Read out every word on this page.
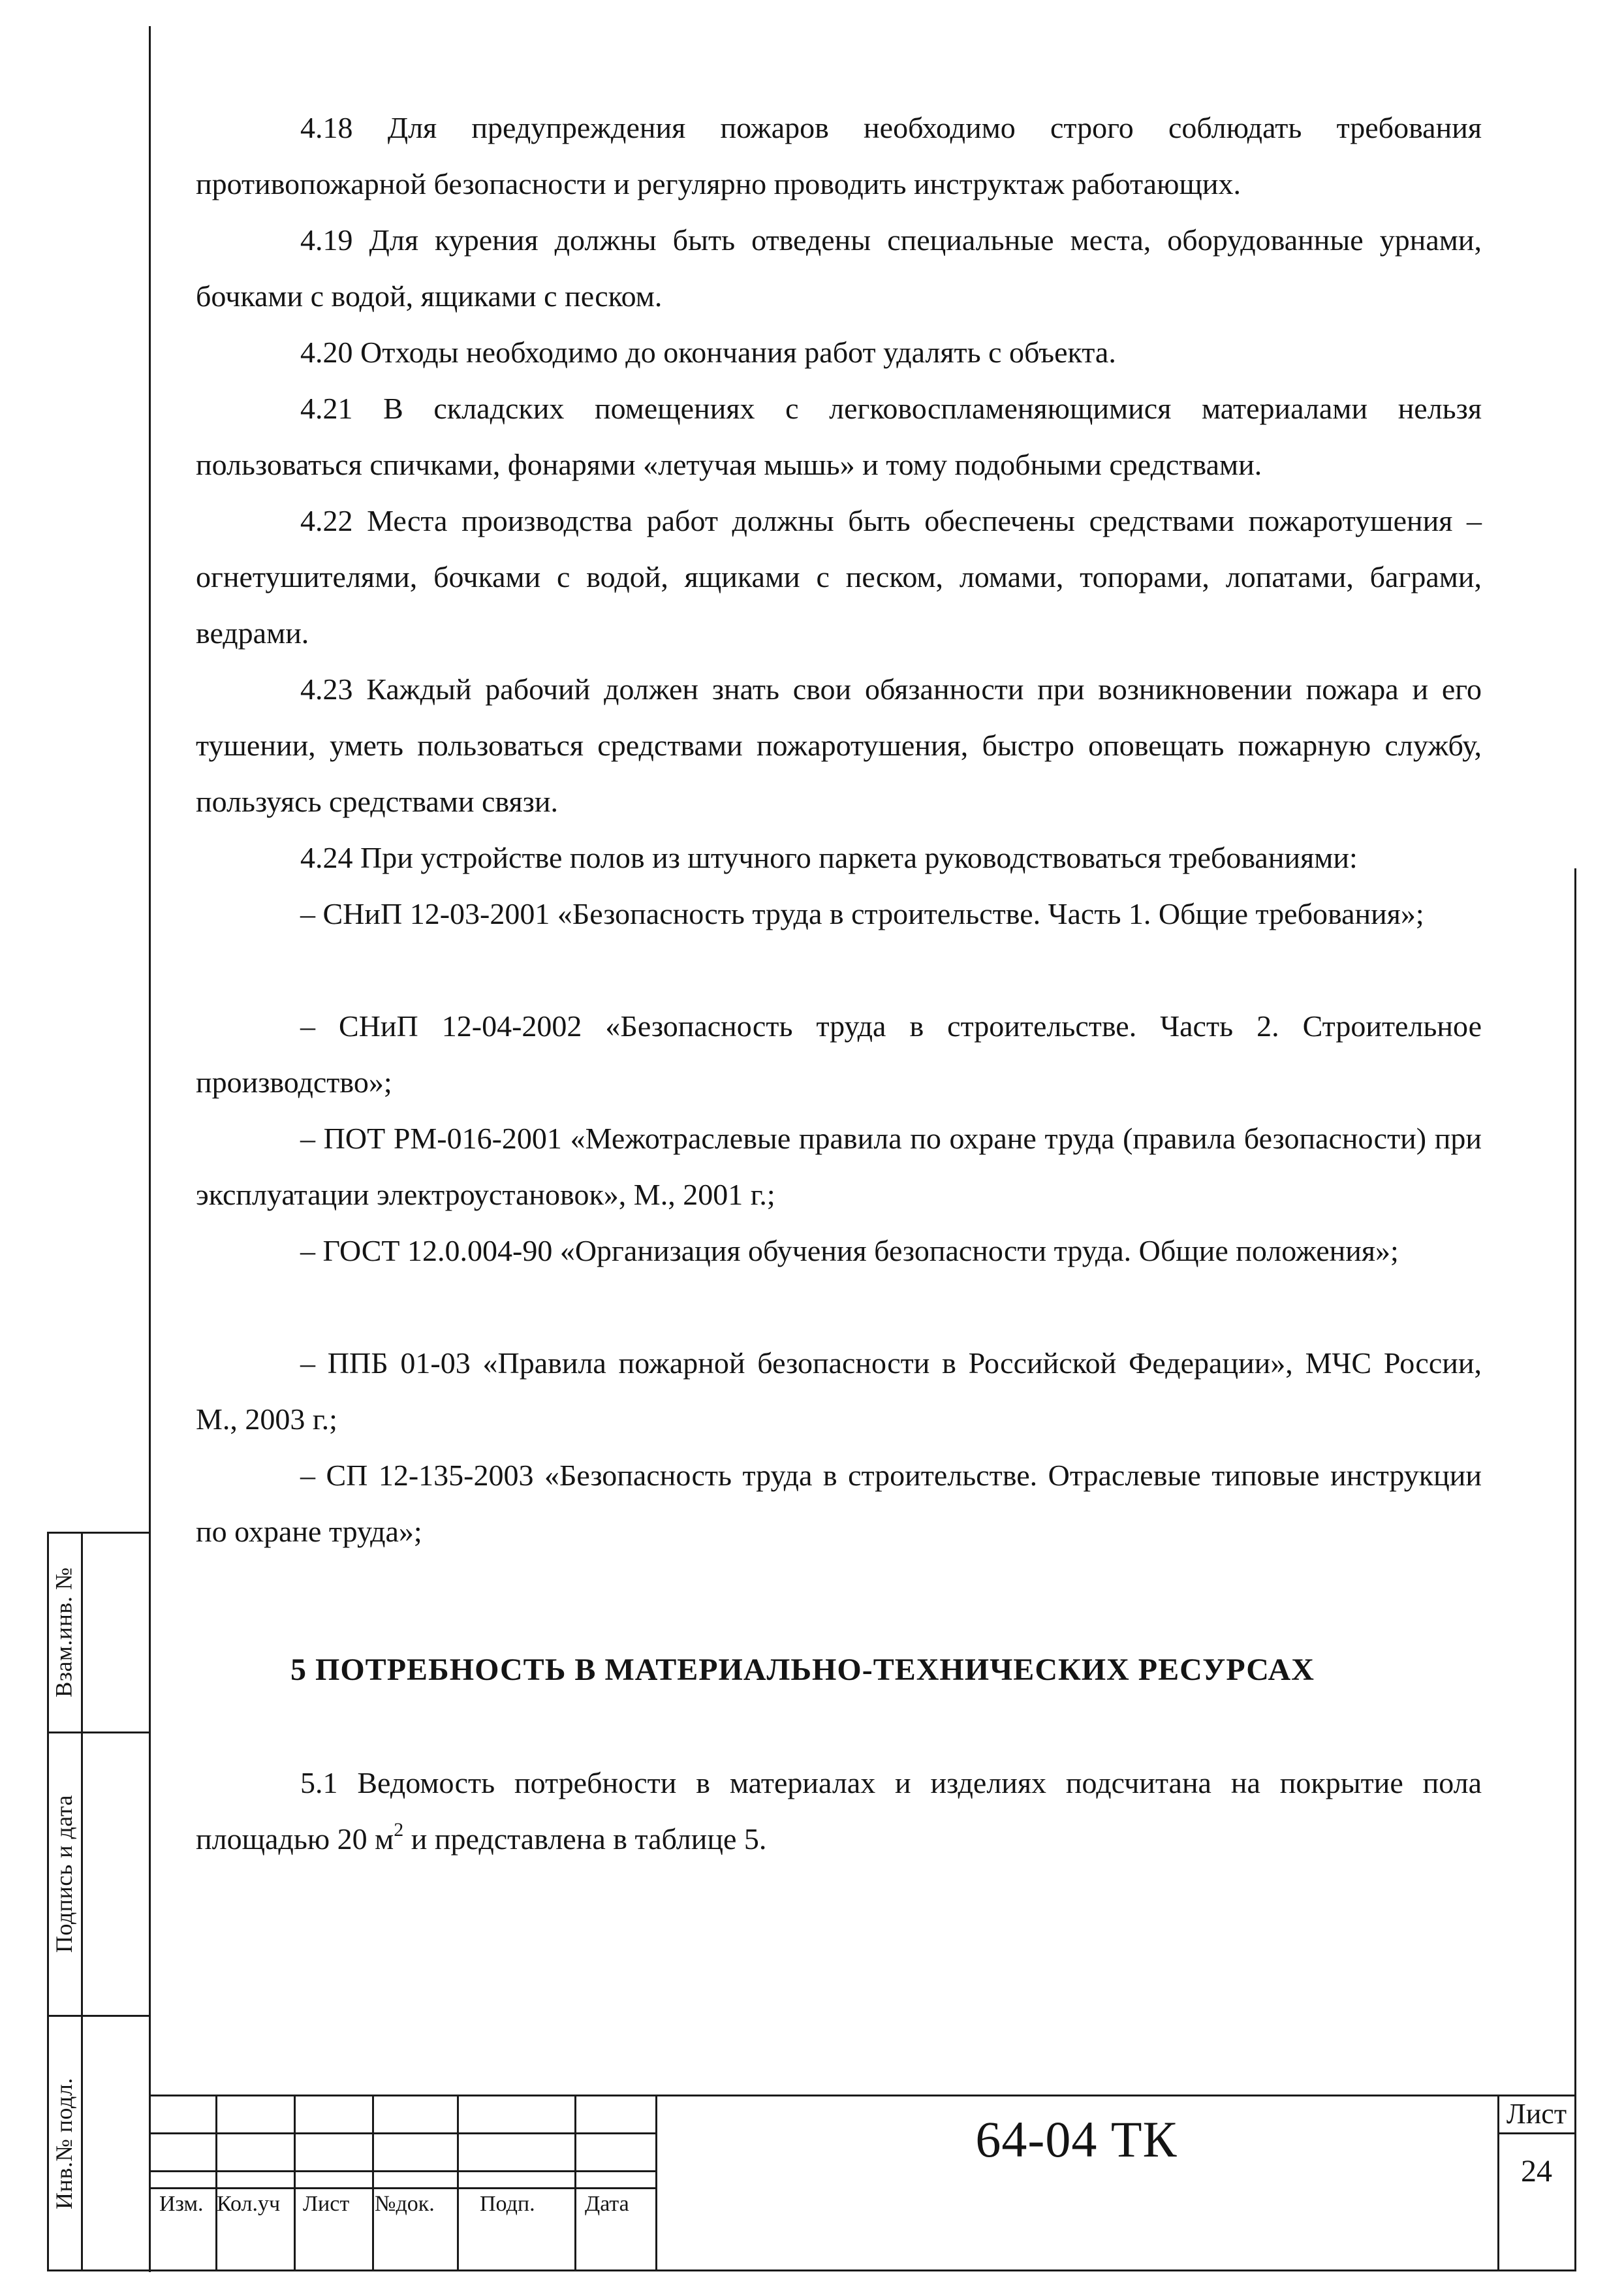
Взам.инв. №
Подпись и дата
Инв.№ подл.

4.18 Для предупреждения пожаров необходимо строго соблюдать требования противопожарной безопасности и регулярно проводить инструктаж работающих.

4.19 Для курения должны быть отведены специальные места, оборудованные урнами, бочками с водой, ящиками с песком.

4.20 Отходы необходимо до окончания работ удалять с объекта.

4.21 В складских помещениях с легковоспламеняющимися материалами нельзя пользоваться спичками, фонарями «летучая мышь» и тому подобными средствами.

4.22 Места производства работ должны быть обеспечены средствами пожаротушения – огнетушителями, бочками с водой, ящиками с песком, ломами, топорами, лопатами, баграми, ведрами.

4.23 Каждый рабочий должен знать свои обязанности при возникновении пожара и его тушении, уметь пользоваться средствами пожаротушения, быстро оповещать пожарную службу, пользуясь средствами связи.

4.24 При устройстве полов из штучного паркета руководствоваться требованиями:

– СНиП 12-03-2001 «Безопасность труда в строительстве. Часть 1. Общие требования»;

– СНиП 12-04-2002 «Безопасность труда в строительстве. Часть 2. Строительное производство»;

– ПОТ РМ-016-2001 «Межотраслевые правила по охране труда (правила безопасности) при эксплуатации электроустановок», М., 2001 г.;

– ГОСТ 12.0.004-90 «Организация обучения безопасности труда. Общие положения»;

– ППБ 01-03 «Правила пожарной безопасности в Российской Федерации», МЧС России, М., 2003 г.;

– СП 12-135-2003 «Безопасность труда в строительстве. Отраслевые типовые инструкции по охране труда»;

5 ПОТРЕБНОСТЬ В МАТЕРИАЛЬНО-ТЕХНИЧЕСКИХ РЕСУРСАХ

5.1 Ведомость потребности в материалах и изделиях подсчитана на покрытие пола площадью 20 $м^2$ и представлена в таблице 5.

Изм. Кол.уч Лист №док. Подп. Дата
64-04 ТК	Лист
24
